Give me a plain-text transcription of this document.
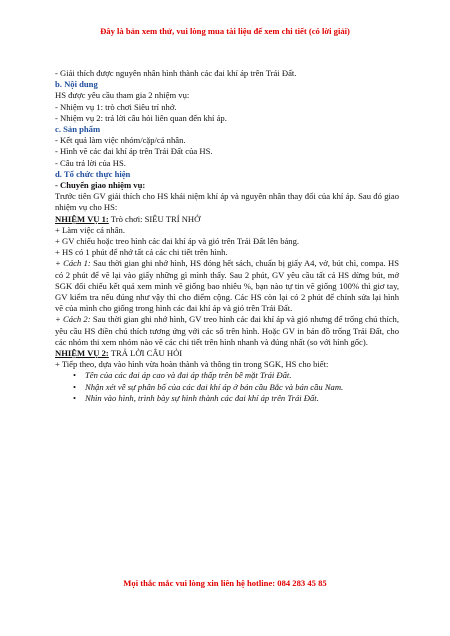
Đây là bản xem thử, vui lòng mua tài liệu để xem chi tiết (có lời giải)

- Giải thích được nguyên nhân hình thành các đai khí áp trên Trái Đất.

b. Nội dung

HS được yêu cầu tham gia 2 nhiệm vụ:

- Nhiệm vụ 1: trò chơi Siêu trí nhớ.

- Nhiệm vụ 2: trả lời câu hỏi liên quan đến khí áp.

c. Sản phẩm

- Kết quả làm việc nhóm/cặp/cá nhân.

- Hình vẽ các đai khí áp trên Trái Đất của HS.

- Câu trả lời của HS.

d. Tổ chức thực hiện

- Chuyển giao nhiệm vụ:

Trước tiên GV giải thích cho HS khái niệm khí áp và nguyên nhân thay đổi của khí áp. Sau đó giao nhiệm vụ cho HS:

NHIỆM VỤ 1: Trò chơi: SIÊU TRÍ NHỚ

+ Làm việc cá nhân.

+ GV chiếu hoặc treo hình các đai khí áp và gió trên Trái Đất lên bảng.

+ HS có 1 phút để nhớ tất cả các chi tiết trên hình.

+ Cách 1: Sau thời gian ghi nhớ hình, HS đóng hết sách, chuẩn bị giấy A4, vở, bút chì, compa. HS có 2 phút để vẽ lại vào giấy những gì mình thấy. Sau 2 phút, GV yêu cầu tất cả HS dừng bút, mở SGK đối chiếu kết quả xem mình vẽ giống bao nhiêu %, bạn nào tự tin vẽ giống 100% thì giơ tay, GV kiểm tra nếu đúng như vậy thì cho điểm cộng. Các HS còn lại có 2 phút để chỉnh sửa lại hình vẽ của mình cho giống trong hình các đai khí áp và gió trên Trái Đất.

+ Cách 2: Sau thời gian ghi nhớ hình, GV treo hình các đai khí áp và gió nhưng để trống chú thích, yêu cầu HS điền chú thích tương ứng với các số trên hình. Hoặc GV in bản đồ trống Trái Đất, cho các nhóm thi xem nhóm nào vẽ các chi tiết trên hình nhanh và đúng nhất (so với hình gốc).

NHIỆM VỤ 2: TRẢ LỜI CÂU HỎI

+ Tiếp theo, dựa vào hình vừa hoàn thành và thông tin trong SGK, HS cho biết:

• Tên của các đai áp cao và đai áp thấp trên bề mặt Trái Đất.
• Nhận xét về sự phân bố của các đai khí áp ở bán cầu Bắc và bán cầu Nam.
• Nhìn vào hình, trình bày sự hình thành các đai khí áp trên Trái Đất.
Mọi thắc mắc vui lòng xin liên hệ hotline: 084 283 45 85
